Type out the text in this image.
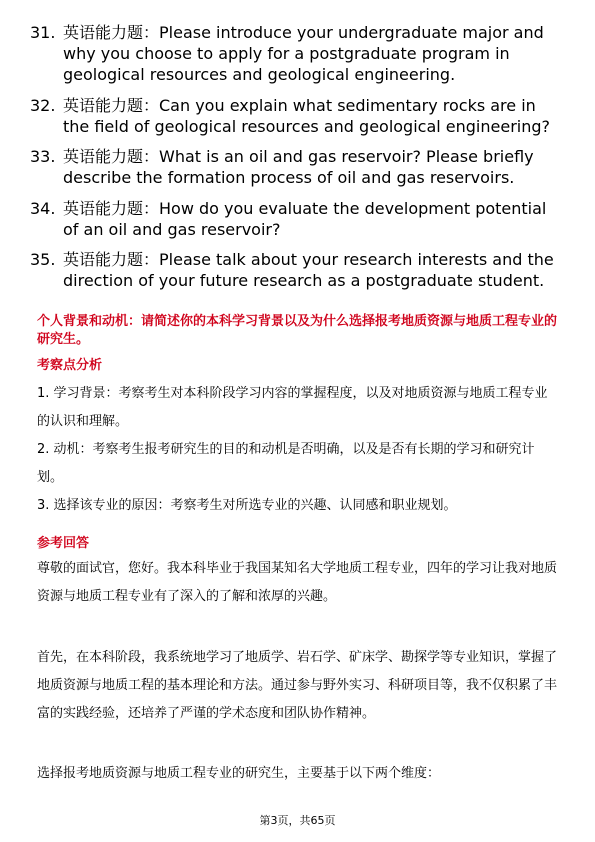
31. 英语能力题：Please introduce your undergraduate major and why you choose to apply for a postgraduate program in geological resources and geological engineering.
32. 英语能力题：Can you explain what sedimentary rocks are in the field of geological resources and geological engineering?
33. 英语能力题：What is an oil and gas reservoir? Please briefly describe the formation process of oil and gas reservoirs.
34. 英语能力题：How do you evaluate the development potential of an oil and gas reservoir?
35. 英语能力题：Please talk about your research interests and the direction of your future research as a postgraduate student.
个人背景和动机：请简述你的本科学习背景以及为什么选择报考地质资源与地质工程专业的研究生。
考察点分析

1. 学习背景：考察考生对本科阶段学习内容的掌握程度，以及对地质资源与地质工程专业的认识和理解。

2. 动机：考察考生报考研究生的目的和动机是否明确，以及是否有长期的学习和研究计划。

3. 选择该专业的原因：考察考生对所选专业的兴趣、认同感和职业规划。

参考回答

尊敬的面试官，您好。我本科毕业于我国某知名大学地质工程专业，四年的学习让我对地质资源与地质工程专业有了深入的了解和浓厚的兴趣。

首先，在本科阶段，我系统地学习了地质学、岩石学、矿床学、勘探学等专业知识，掌握了地质资源与地质工程的基本理论和方法。通过参与野外实习、科研项目等，我不仅积累了丰富的实践经验，还培养了严谨的学术态度和团队协作精神。

选择报考地质资源与地质工程专业的研究生，主要基于以下两个维度：

第3页，共65页
